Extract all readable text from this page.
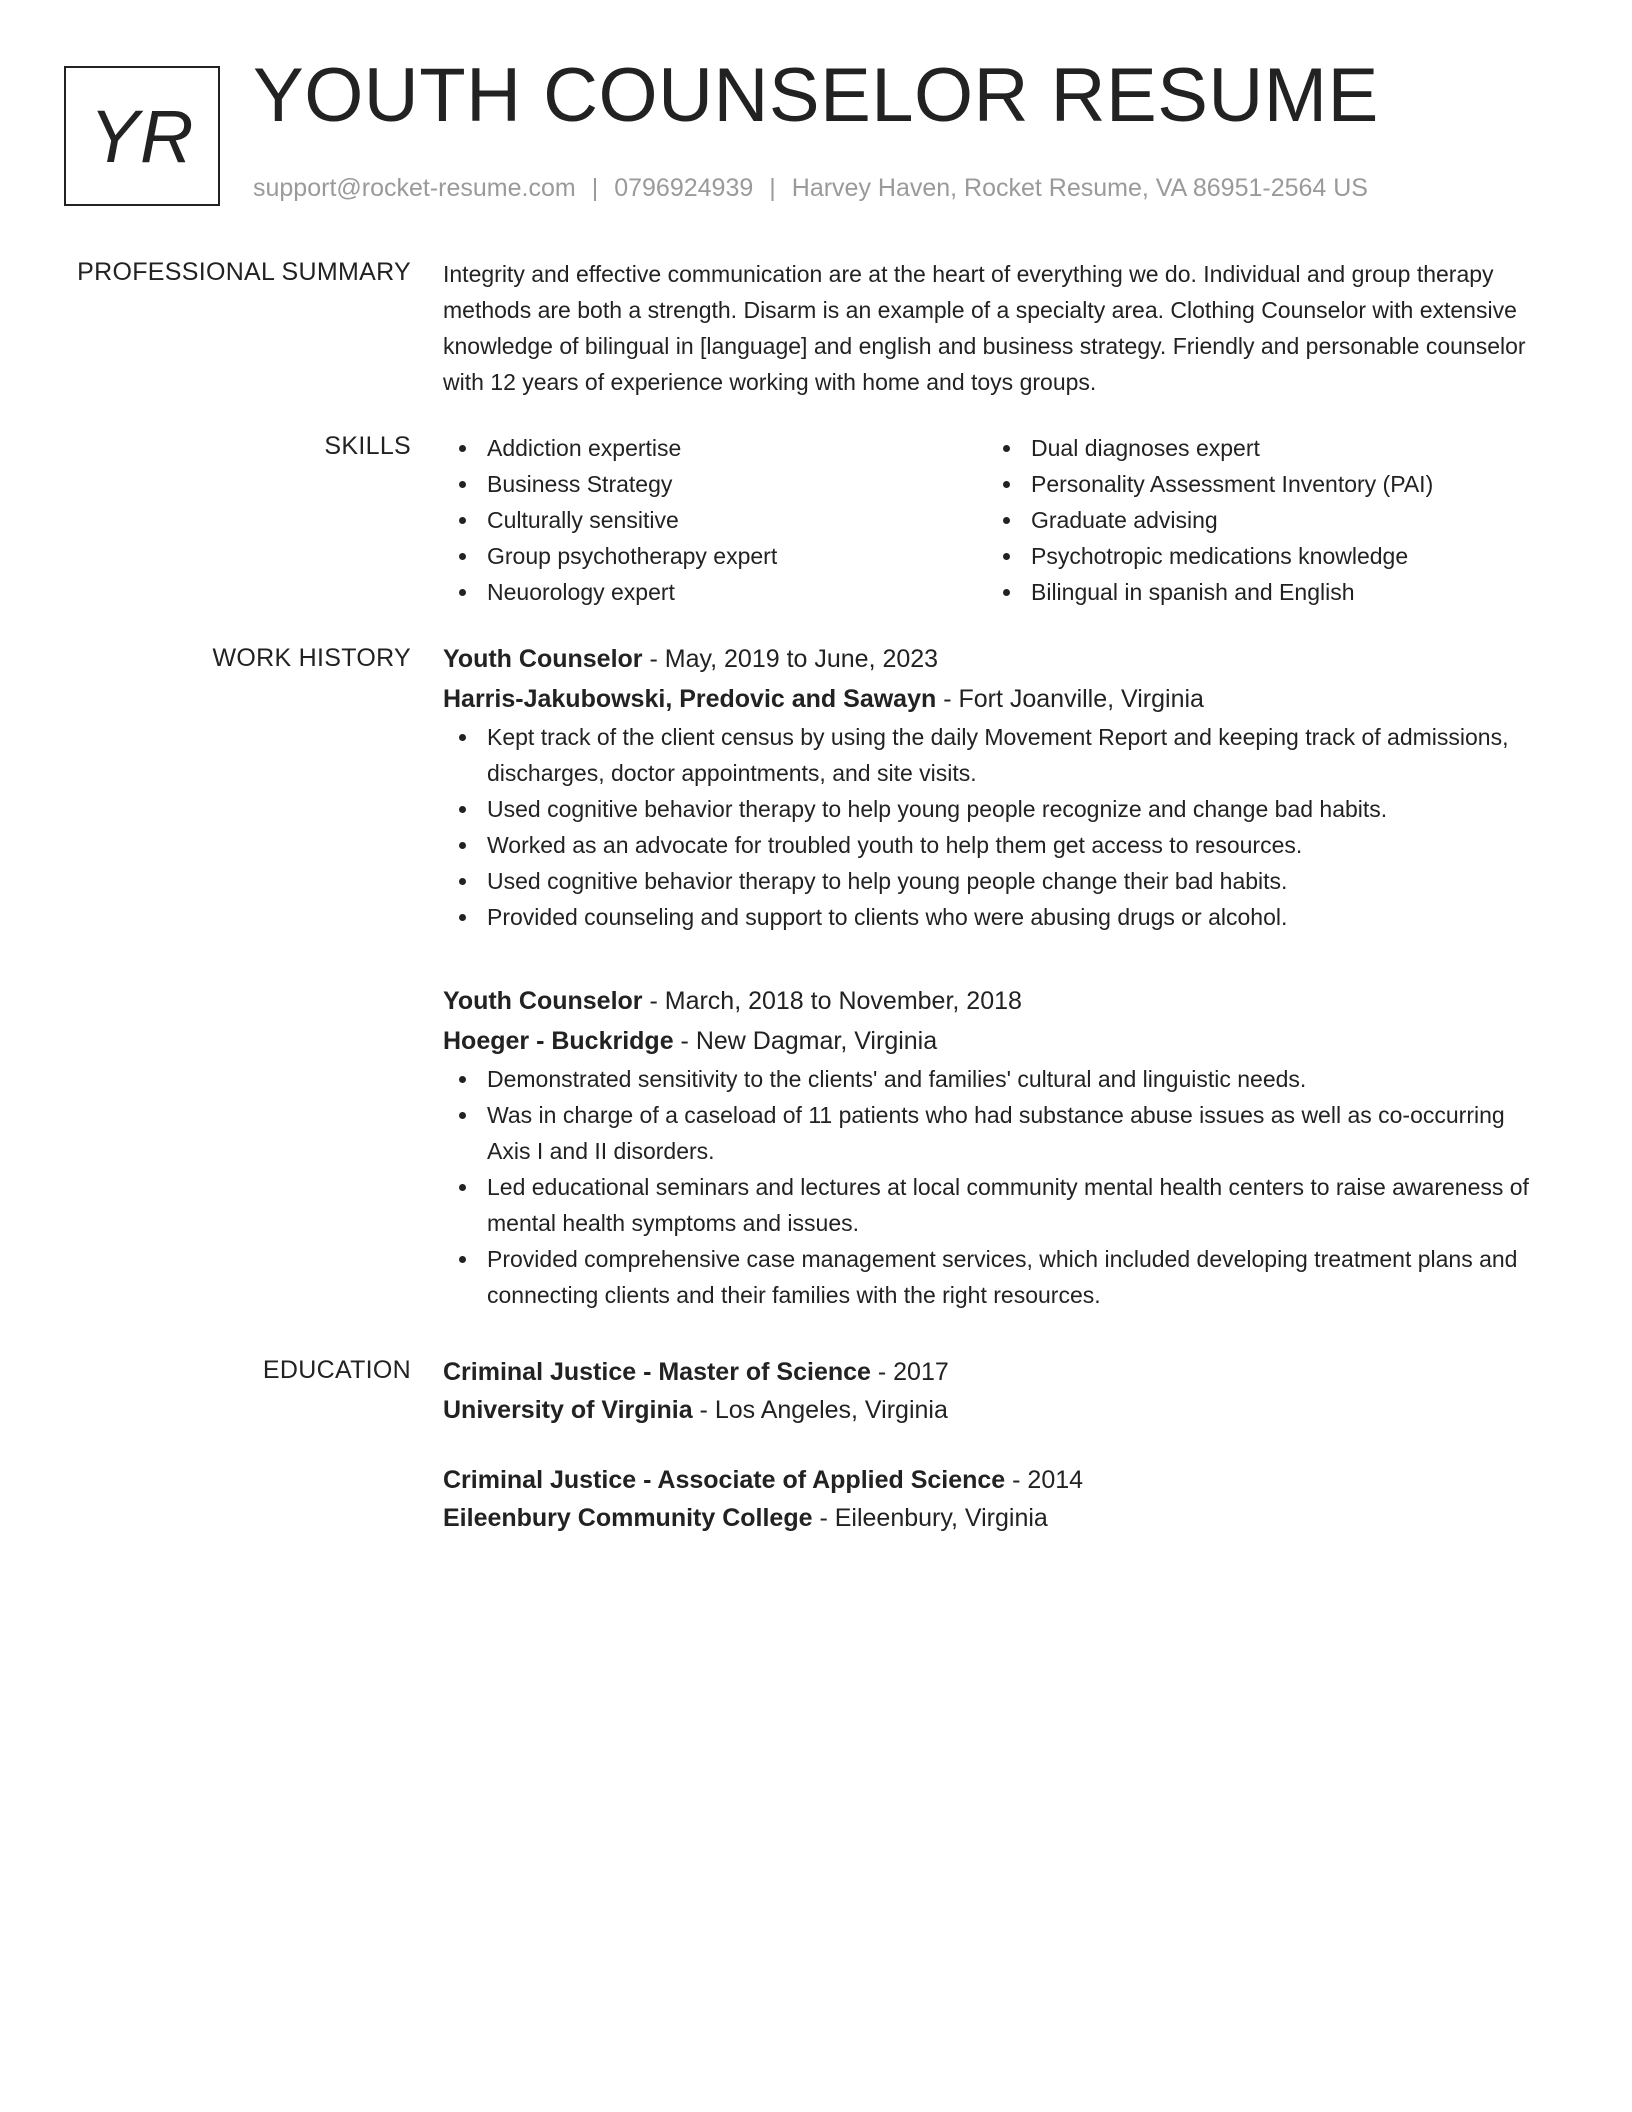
YR YOUTH COUNSELOR RESUME
support@rocket-resume.com | 0796924939 | Harvey Haven, Rocket Resume, VA 86951-2564 US
PROFESSIONAL SUMMARY Integrity and effective communication are at the heart of everything we do. Individual and group therapy methods are both a strength. Disarm is an example of a specialty area. Clothing Counselor with extensive knowledge of bilingual in [language] and english and business strategy. Friendly and personable counselor with 12 years of experience working with home and toys groups.

SKILLS	Addiction expertise
Business Strategy
Culturally sensitive
Group psychotherapy expert
Neuorology expert
Dual diagnoses expert
Personality Assessment Inventory (PAI)
Graduate advising
Psychotropic medications knowledge
Bilingual in spanish and English
WORK HISTORY Youth Counselor - May, 2019 to June, 2023
Harris-Jakubowski, Predovic and Sawayn - Fort Joanville, Virginia
Kept track of the client census by using the daily Movement Report and keeping track of admissions, discharges, doctor appointments, and site visits.
Used cognitive behavior therapy to help young people recognize and change bad habits.
Worked as an advocate for troubled youth to help them get access to resources.
Used cognitive behavior therapy to help young people change their bad habits.
Provided counseling and support to clients who were abusing drugs or alcohol.
Youth Counselor - March, 2018 to November, 2018
Hoeger - Buckridge - New Dagmar, Virginia
Demonstrated sensitivity to the clients' and families' cultural and linguistic needs.
Was in charge of a caseload of 11 patients who had substance abuse issues as well as co-occurring Axis I and II disorders.
Led educational seminars and lectures at local community mental health centers to raise awareness of mental health symptoms and issues.
Provided comprehensive case management services, which included developing treatment plans and connecting clients and their families with the right resources.
EDUCATION Criminal Justice - Master of Science - 2017
University of Virginia - Los Angeles, Virginia
Criminal Justice - Associate of Applied Science - 2014
Eileenbury Community College - Eileenbury, Virginia
